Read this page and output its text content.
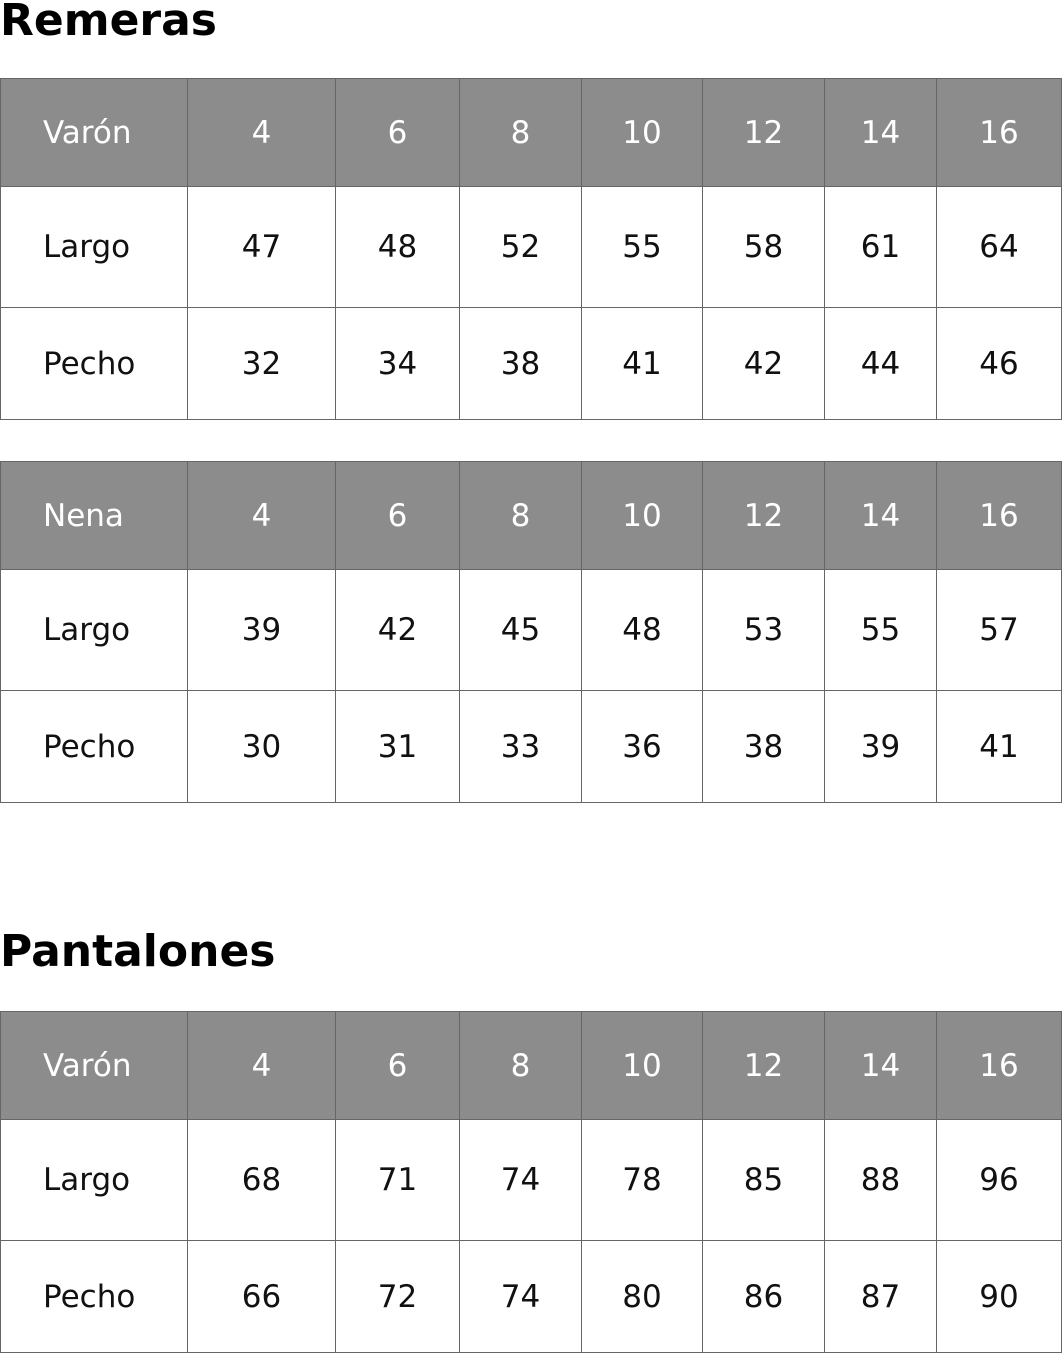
Remeras
Varón	4	6	8	10	12	14	16
Largo	47	48	52	55	58	61	64
Pecho	32	34	38	41	42	44	46
Nena	4	6	8	10	12	14	16
Largo	39	42	45	48	53	55	57
Pecho	30	31	33	36	38	39	41
Pantalones
Varón	4	6	8	10	12	14	16
Largo	68	71	74	78	85	88	96
Pecho	66	72	74	80	86	87	90
